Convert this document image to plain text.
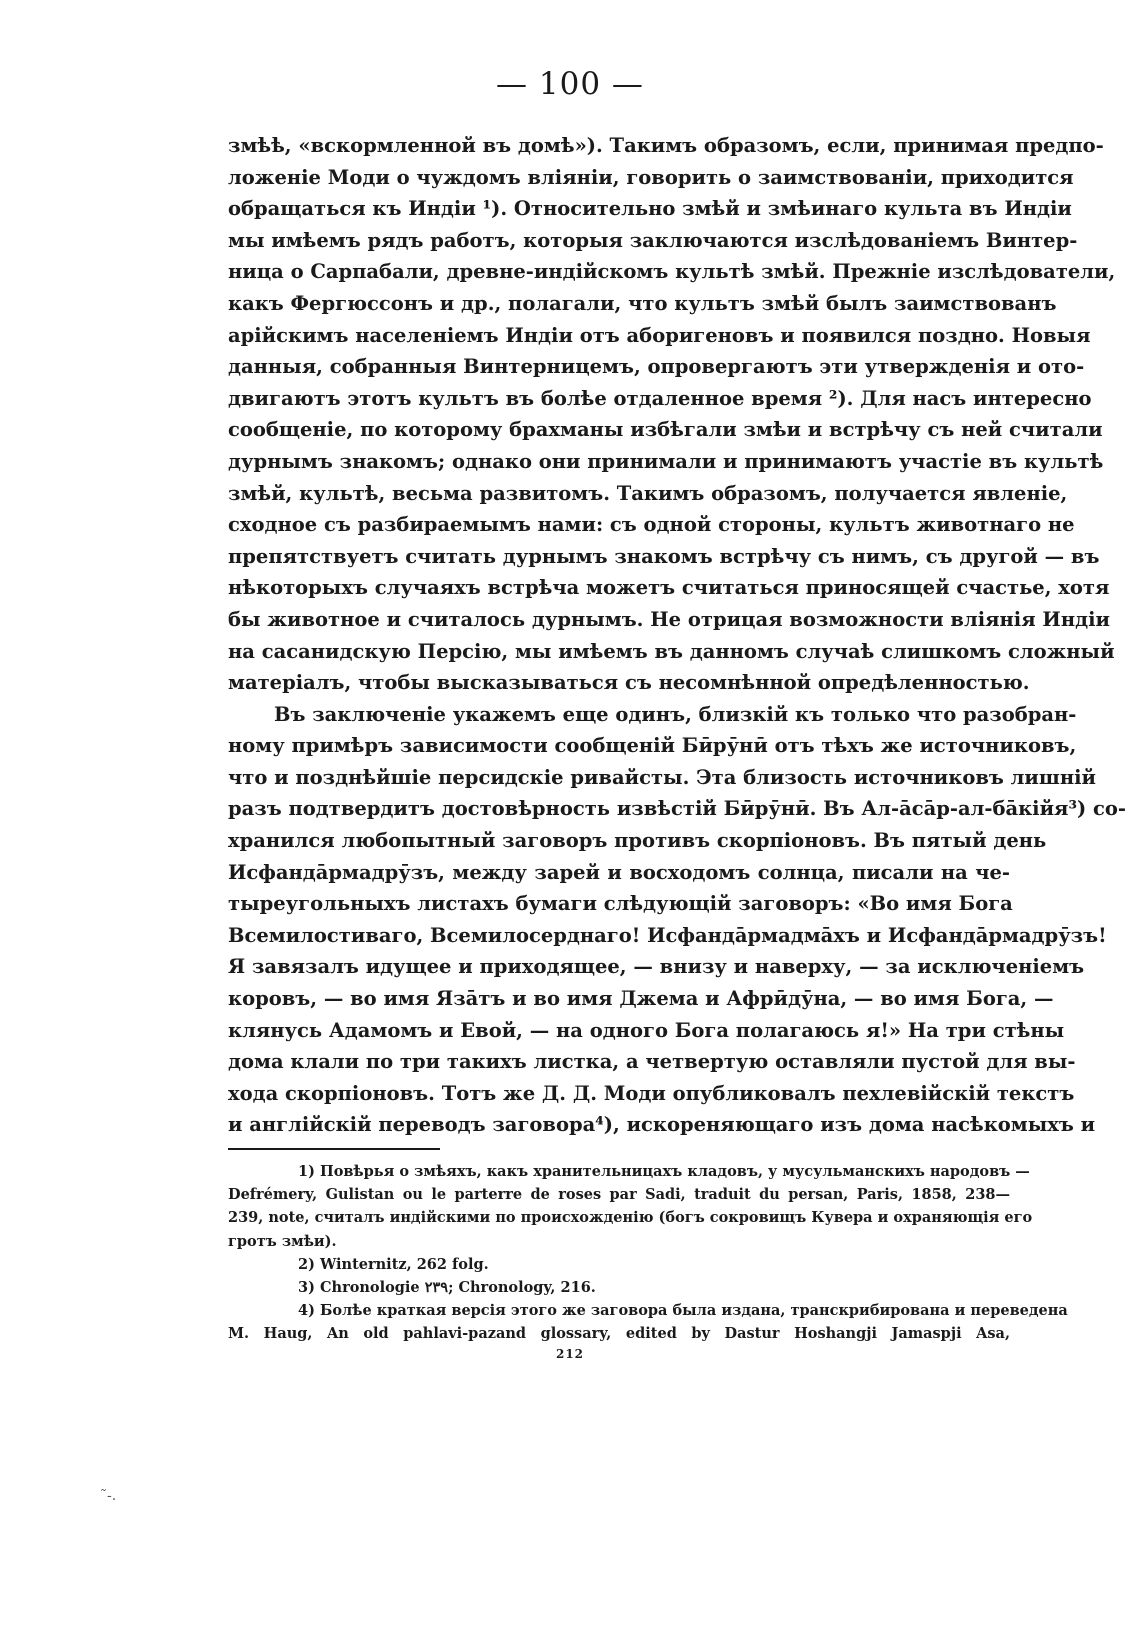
— 100 —
змѣѣ, «вскормленной въ домѣ»). Такимъ образомъ, если, принимая предпо-
ложеніе Моди о чуждомъ вліяніи, говорить о заимствованіи, приходится
обращаться къ Индіи ¹). Относительно змѣй и змѣинаго культа въ Индіи
мы имѣемъ рядъ работъ, которыя заключаются изслѣдованіемъ Винтер-
ница о Сарпабали, древне-индійскомъ культѣ змѣй. Прежніе изслѣдователи,
какъ Фергюссонъ и др., полагали, что культъ змѣй былъ заимствованъ
арійскимъ населеніемъ Индіи отъ аборигеновъ и появился поздно. Новыя
данныя, собранныя Винтерницемъ, опровергаютъ эти утвержденія и ото-
двигаютъ этотъ культъ въ болѣе отдаленное время ²). Для насъ интересно
сообщеніе, по которому брахманы избѣгали змѣи и встрѣчу съ ней считали
дурнымъ знакомъ; однако они принимали и принимаютъ участіе въ культѣ
змѣй, культѣ, весьма развитомъ. Такимъ образомъ, получается явленіе,
сходное съ разбираемымъ нами: съ одной стороны, культъ животнаго не
препятствуетъ считать дурнымъ знакомъ встрѣчу съ нимъ, съ другой — въ
нѣкоторыхъ случаяхъ встрѣча можетъ считаться приносящей счастье, хотя
бы животное и считалось дурнымъ. Не отрицая возможности вліянія Индіи
на сасанидскую Персію, мы имѣемъ въ данномъ случаѣ слишкомъ сложный
матеріалъ, чтобы высказываться съ несомнѣнной опредѣленностью.
Въ заключеніе укажемъ еще одинъ, близкій къ только что разобран-
ному примѣръ зависимости сообщеній Бӣрӯнӣ отъ тѣхъ же источниковъ,
что и позднѣйшіе персидскіе ривайсты. Эта близость источниковъ лишній
разъ подтвердитъ достовѣрность извѣстій Бӣрӯнӣ. Въ Ал-āсāр-ал-бāкійя³) со-
хранился любопытный заговоръ противъ скорпіоновъ. Въ пятый день
Исфандāрмадрӯзъ, между зарей и восходомъ солнца, писали на че-
тыреугольныхъ листахъ бумаги слѣдующій заговоръ: «Во имя Бога
Всемилостиваго, Всемилосерднаго! Исфандāрмадмāхъ и Исфандāрмадрӯзъ!
Я завязалъ идущее и приходящее, — внизу и наверху, — за исключеніемъ
коровъ, — во имя Язāтъ и во имя Джема и Афрӣдӯна, — во имя Бога, —
клянусь Адамомъ и Евой, — на одного Бога полагаюсь я!» На три стѣны
дома клали по три такихъ листка, а четвертую оставляли пустой для вы-
хода скорпіоновъ. Тотъ же Д. Д. Моди опубликовалъ пехлевійскій текстъ
и англійскій переводъ заговора⁴), искореняющаго изъ дома насѣкомыхъ и
1) Повѣрья о змѣяхъ, какъ хранительницахъ кладовъ, у мусульманскихъ народовъ —
Defrémery, Gulistan ou le parterre de roses par Sadi, traduit du persan, Paris, 1858, 238—
239, note, считалъ индійскими по происхожденію (богъ сокровищъ Кувера и охраняющія его
гротъ змѣи).
2) Winternitz, 262 folg.
3) Chronologie ۲۳۹; Chronology, 216.
4) Болѣе краткая версія этого же заговора была издана, транскрибирована и переведена
M. Haug, An old pahlavi-pazand glossary, edited by Dastur Hoshangji Jamaspji Asa,
212
˜-.
